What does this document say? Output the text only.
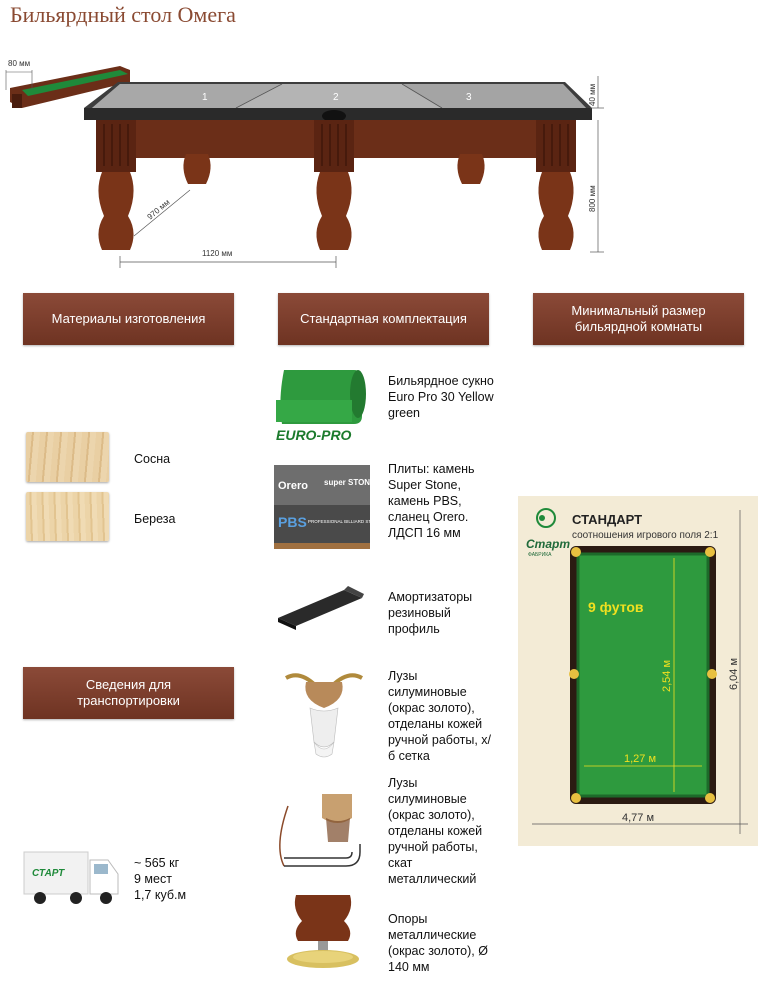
Бильярдный стол Омега
80 мм
1	2	3
1120 мм
970 мм
40 мм
800 мм
Материалы изготовления	Стандартная комплектация
Минимальный размер бильярдной комнаты
Сведения для транспортировки
Сосна
Береза
EURO-PRO
Бильярдное сукно Euro Pro 30 Yellow green
Orero super STONE
PBS PROFESSIONAL BILLIARD STONE
Плиты: камень Super Stone, камень PBS, сланец Orero. ЛДСП 16 мм
Амортизаторы резиновый профиль
Лузы силуминовые (окрас золото), отделаны кожей ручной работы, х/б сетка
Лузы силуминовые (окрас золото), отделаны кожей ручной работы, скат металлический
Опоры металлические (окрас золото), Ø 140 мм
Старт
ФАБРИКА
СТАНДАРТ
соотношения игрового поля 2:1
9 футов
2,54 м
1,27 м
4,77 м
6,04 м
СТАРТ
~ 565 кг
9 мест
1,7 куб.м
